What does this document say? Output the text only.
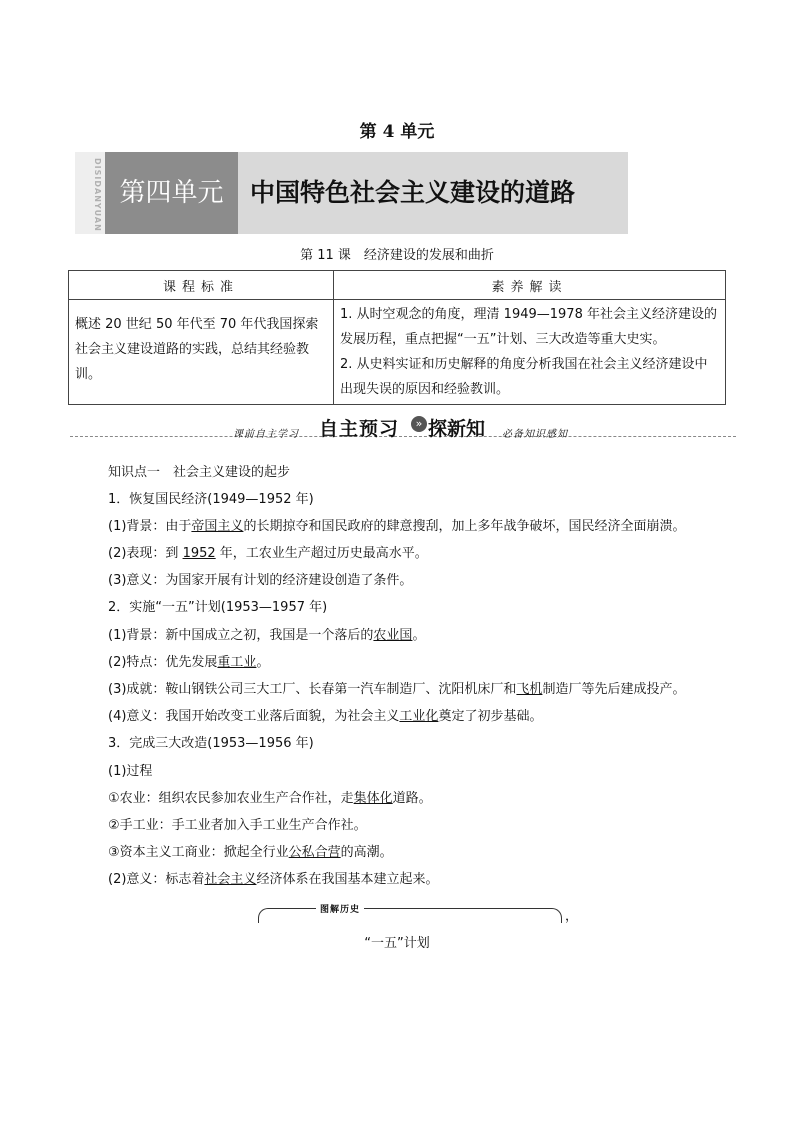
第 4 单元
DISIDANYUAN 第四单元	中国特色社会主义建设的道路
第 11 课　经济建设的发展和曲折
课程标准	素养解读
概述 20 世纪 50 年代至 70 年代我国探索社会主义建设道路的实践，总结其经验教训。	1. 从时空观念的角度，理清 1949—1978 年社会主义经济建设的发展历程，重点把握“一五”计划、三大改造等重大史实。
2. 从史料实证和历史解释的角度分析我国在社会主义经济建设中出现失误的原因和经验教训。
课前自主学习 自主预习	» 探新知 必备知识感知
知识点一　社会主义建设的起步
1．恢复国民经济(1949—1952 年)
(1)背景：由于帝国主义的长期掠夺和国民政府的肆意搜刮，加上多年战争破坏，国民经济全面崩溃。
(2)表现：到 1952 年，工农业生产超过历史最高水平。
(3)意义：为国家开展有计划的经济建设创造了条件。
2．实施“一五”计划(1953—1957 年)
(1)背景：新中国成立之初，我国是一个落后的农业国。
(2)特点：优先发展重工业。
(3)成就：鞍山钢铁公司三大工厂、长春第一汽车制造厂、沈阳机床厂和飞机制造厂等先后建成投产。
(4)意义：我国开始改变工业落后面貌，为社会主义工业化奠定了初步基础。
3．完成三大改造(1953—1956 年)
(1)过程
①农业：组织农民参加农业生产合作社，走集体化道路。
②手工业：手工业者加入手工业生产合作社。
③资本主义工商业：掀起全行业公私合营的高潮。
(2)意义：标志着社会主义经济体系在我国基本建立起来。
图解历史	，
“一五”计划
